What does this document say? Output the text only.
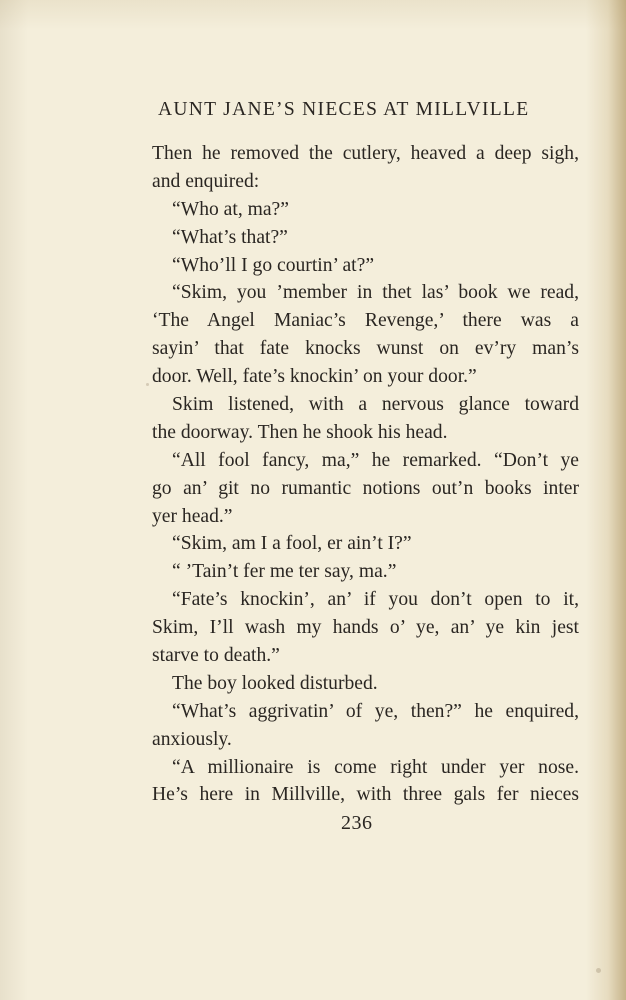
AUNT JANE’S NIECES AT MILLVILLE
Then he removed the cutlery, heaved a deep sigh,
and enquired:
“Who at, ma?”
“What’s that?”
“Who’ll I go courtin’ at?”
“Skim, you ’member in thet las’ book we read,
‘The Angel Maniac’s Revenge,’ there was a
sayin’ that fate knocks wunst on ev’ry man’s
door. Well, fate’s knockin’ on your door.”
Skim listened, with a nervous glance toward
the doorway. Then he shook his head.
“All fool fancy, ma,” he remarked. “Don’t ye
go an’ git no rumantic notions out’n books inter
yer head.”
“Skim, am I a fool, er ain’t I?”
“ ’Tain’t fer me ter say, ma.”
“Fate’s knockin’, an’ if you don’t open to it,
Skim, I’ll wash my hands o’ ye, an’ ye kin jest
starve to death.”
The boy looked disturbed.
“What’s aggrivatin’ of ye, then?” he enquired,
anxiously.
“A millionaire is come right under yer nose.
He’s here in Millville, with three gals fer nieces
236
